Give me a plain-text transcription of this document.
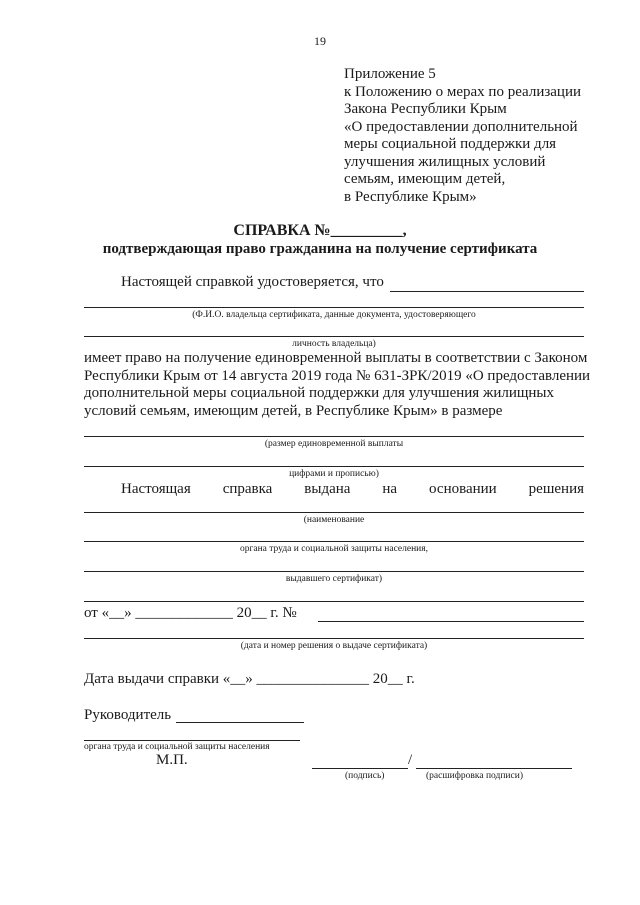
19
Приложение 5
к Положению о мерах по реализации
Закона Республики Крым
«О предоставлении дополнительной
меры социальной поддержки для
улучшения жилищных условий
семьям, имеющим детей,
в Республике Крым»
СПРАВКА №_________,
подтверждающая право гражданина на получение сертификата
Настоящей справкой удостоверяется, что
(Ф.И.О. владельца сертификата, данные документа, удостоверяющего
личность владельца)
имеет право на получение единовременной выплаты в соответствии с Законом
Республики Крым от 14 августа 2019 года № 631-ЗРК/2019 «О предоставлении
дополнительной меры социальной поддержки для улучшения жилищных
условий семьям, имеющим детей, в Республике Крым» в размере
(размер единовременной выплаты
цифрами и прописью)
Настоящая справка выдана на основании решения
(наименование
органа труда и социальной защиты населения,
выдавшего сертификат)
от «__» _____________ 20__ г. №
(дата и номер решения о выдаче сертификата)
Дата выдачи справки «__» _______________ 20__ г.
Руководитель
органа труда и социальной защиты населения
М.П.	/
(подпись)	(расшифровка подписи)
